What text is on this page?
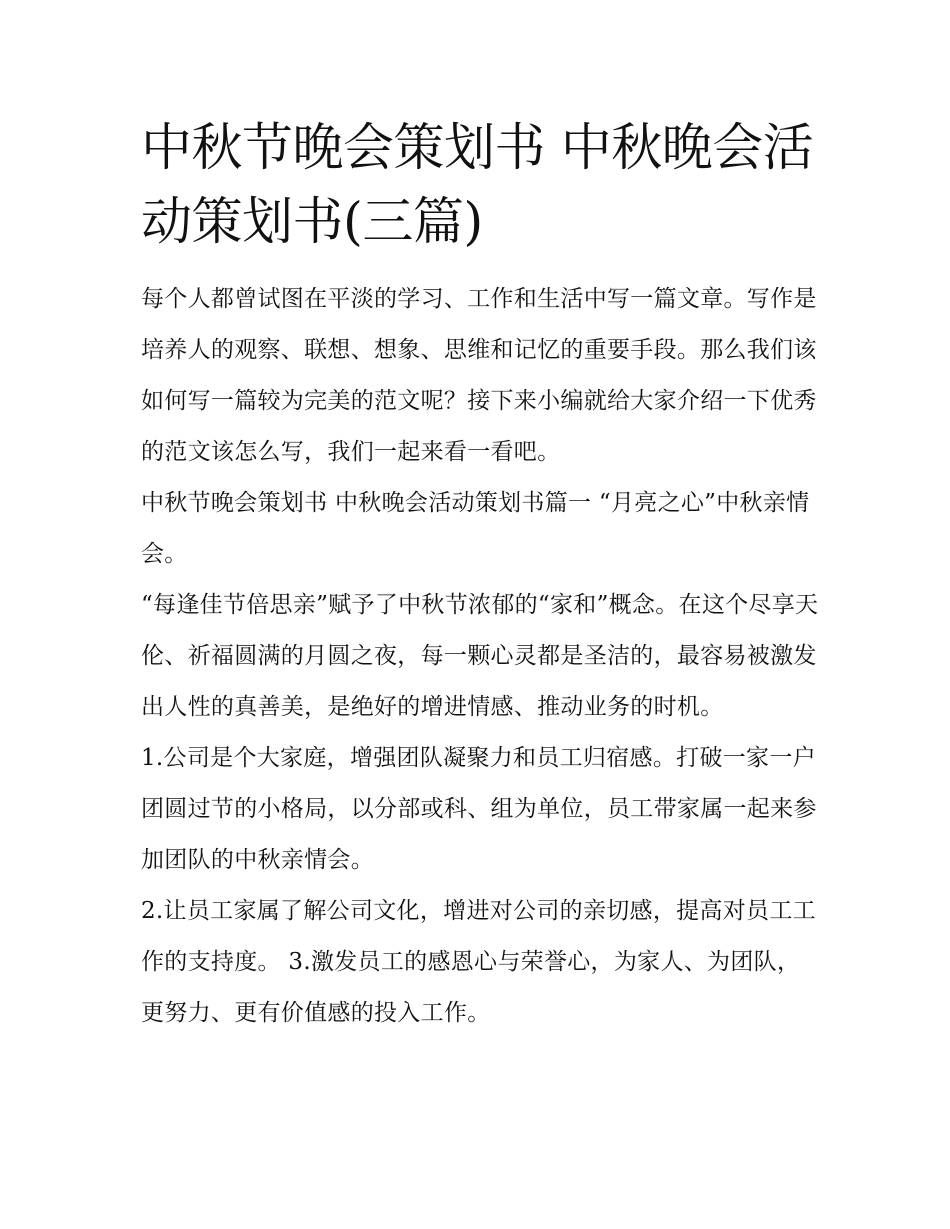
中秋节晚会策划书 中秋晚会活动策划书(三篇)

每个人都曾试图在平淡的学习、工作和生活中写一篇文章。写作是培养人的观察、联想、想象、思维和记忆的重要手段。那么我们该如何写一篇较为完美的范文呢？接下来小编就给大家介绍一下优秀的范文该怎么写，我们一起来看一看吧。

中秋节晚会策划书 中秋晚会活动策划书篇一 “月亮之心”中秋亲情会。

“每逢佳节倍思亲”赋予了中秋节浓郁的“家和”概念。在这个尽享天伦、祈福圆满的月圆之夜，每一颗心灵都是圣洁的，最容易被激发出人性的真善美，是绝好的增进情感、推动业务的时机。

1.公司是个大家庭，增强团队凝聚力和员工归宿感。打破一家一户团圆过节的小格局，以分部或科、组为单位，员工带家属一起来参加团队的中秋亲情会。

2.让员工家属了解公司文化，增进对公司的亲切感，提高对员工工作的支持度。 3.激发员工的感恩心与荣誉心，为家人、为团队，更努力、更有价值感的投入工作。
